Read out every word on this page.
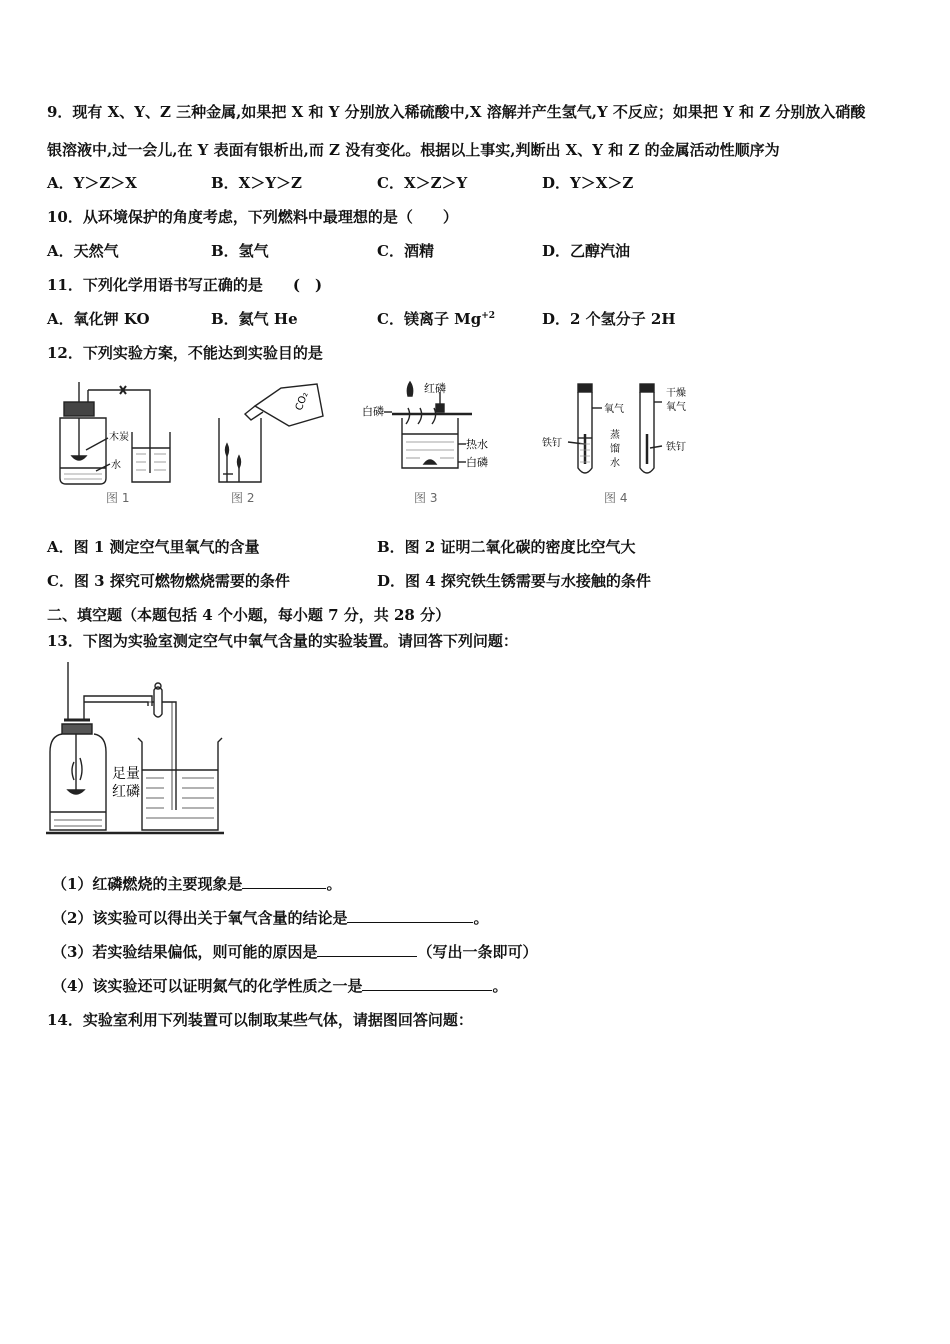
9．现有 X、Y、Z 三种金属,如果把 X 和 Y 分别放入稀硫酸中,X 溶解并产生氢气,Y 不反应；如果把 Y 和 Z 分别放入硝酸
银溶液中,过一会儿,在 Y 表面有银析出,而 Z 没有变化。根据以上事实,判断出 X、Y 和 Z 的金属活动性顺序为
A．Y＞Z＞X	B．X＞Y＞Z	C．X＞Z＞Y	D．Y＞X＞Z
10．从环境保护的角度考虑，下列燃料中最理想的是（　　）
A．天然气	B．氢气	C．酒精	D．乙醇汽油
11．下列化学用语书写正确的是　　(　)
A．氧化钾 KO	B．氦气 He	C．镁离子 $Mg^{+2}$	D．2 个氢分子 2H
12．下列实验方案，不能达到实验目的是
木炭
水
图 1
CO₂
图 2
红磷
白磷
热水
白磷
图 3
铁钉
氧气
蒸
馏
水
干燥
氧气
铁钉
图 4
A．图 1 测定空气里氧气的含量	B．图 2 证明二氧化碳的密度比空气大
C．图 3 探究可燃物燃烧需要的条件	D．图 4 探究铁生锈需要与水接触的条件
二、填空题（本题包括 4 个小题，每小题 7 分，共 28 分）
13．下图为实验室测定空气中氧气含量的实验装置。请回答下列问题：
足量
红磷
（1）红磷燃烧的主要现象是	。
（2）该实验可以得出关于氧气含量的结论是	。
（3）若实验结果偏低，则可能的原因是	（写出一条即可）
（4）该实验还可以证明氮气的化学性质之一是	。
14．实验室利用下列装置可以制取某些气体，请据图回答问题：
